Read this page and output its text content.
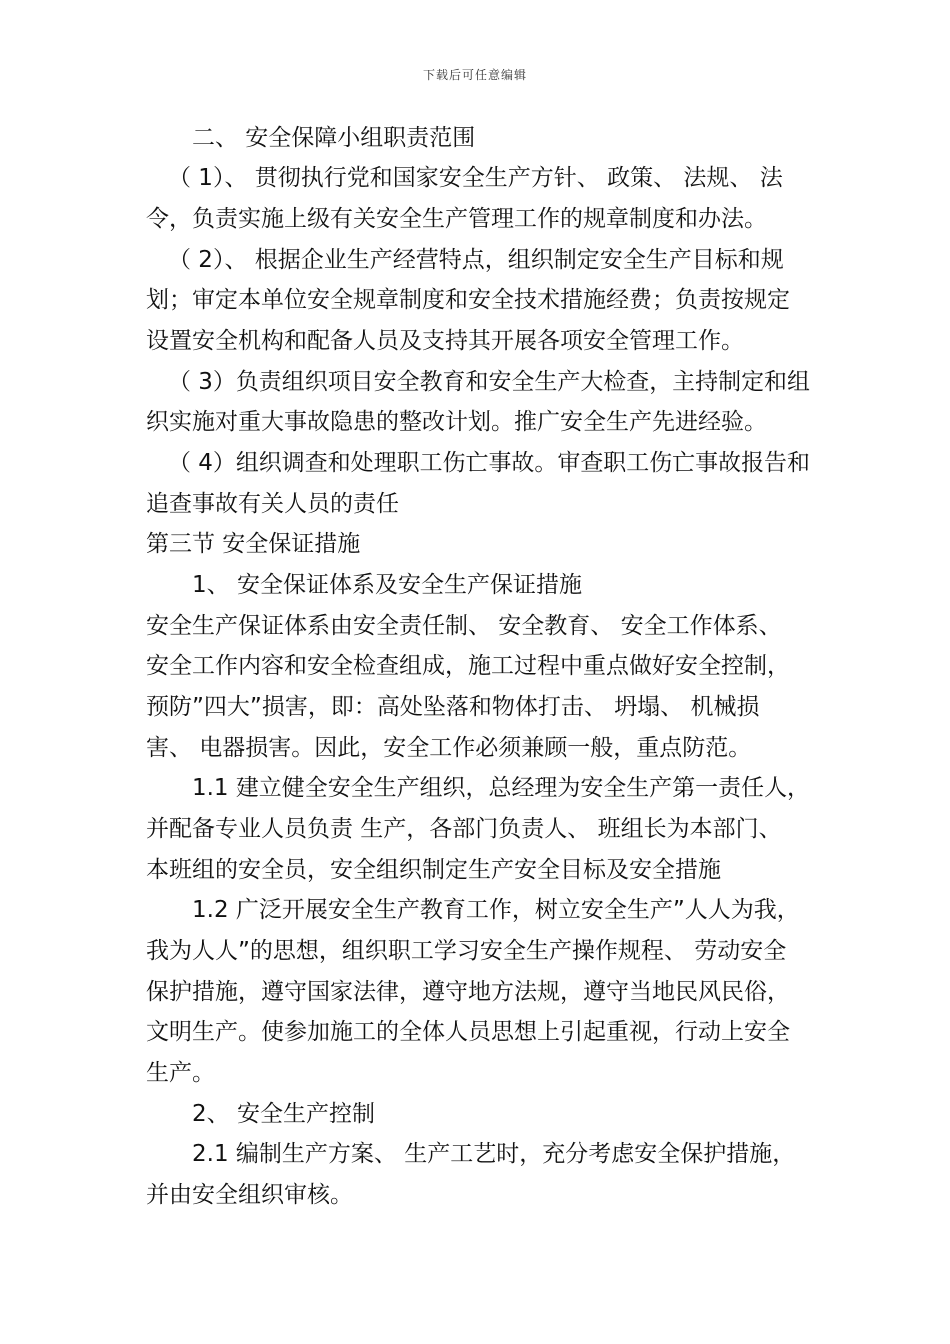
下载后可任意编辑
二、 安全保障小组职责范围
（ 1）、 贯彻执行党和国家安全生产方针、 政策、 法规、 法
令，负责实施上级有关安全生产管理工作的规章制度和办法。
（ 2）、 根据企业生产经营特点，组织制定安全生产目标和规
划；审定本单位安全规章制度和安全技术措施经费；负责按规定
设置安全机构和配备人员及支持其开展各项安全管理工作。
（ 3）负责组织项目安全教育和安全生产大检查，主持制定和组
织实施对重大事故隐患的整改计划。推广安全生产先进经验。
（ 4）组织调查和处理职工伤亡事故。审查职工伤亡事故报告和
追查事故有关人员的责任
第三节 安全保证措施
1、 安全保证体系及安全生产保证措施
安全生产保证体系由安全责任制、 安全教育、 安全工作体系、
安全工作内容和安全检查组成，施工过程中重点做好安全控制，
预防”四大”损害，即：高处坠落和物体打击、 坍塌、 机械损
害、 电器损害。因此，安全工作必须兼顾一般，重点防范。
1.1 建立健全安全生产组织，总经理为安全生产第一责任人，
并配备专业人员负责 生产，各部门负责人、 班组长为本部门、
本班组的安全员，安全组织制定生产安全目标及安全措施
1.2 广泛开展安全生产教育工作，树立安全生产”人人为我，
我为人人”的思想，组织职工学习安全生产操作规程、 劳动安全
保护措施，遵守国家法律，遵守地方法规，遵守当地民风民俗，
文明生产。使参加施工的全体人员思想上引起重视，行动上安全
生产。
2、 安全生产控制
2.1 编制生产方案、 生产工艺时，充分考虑安全保护措施，
并由安全组织审核。
